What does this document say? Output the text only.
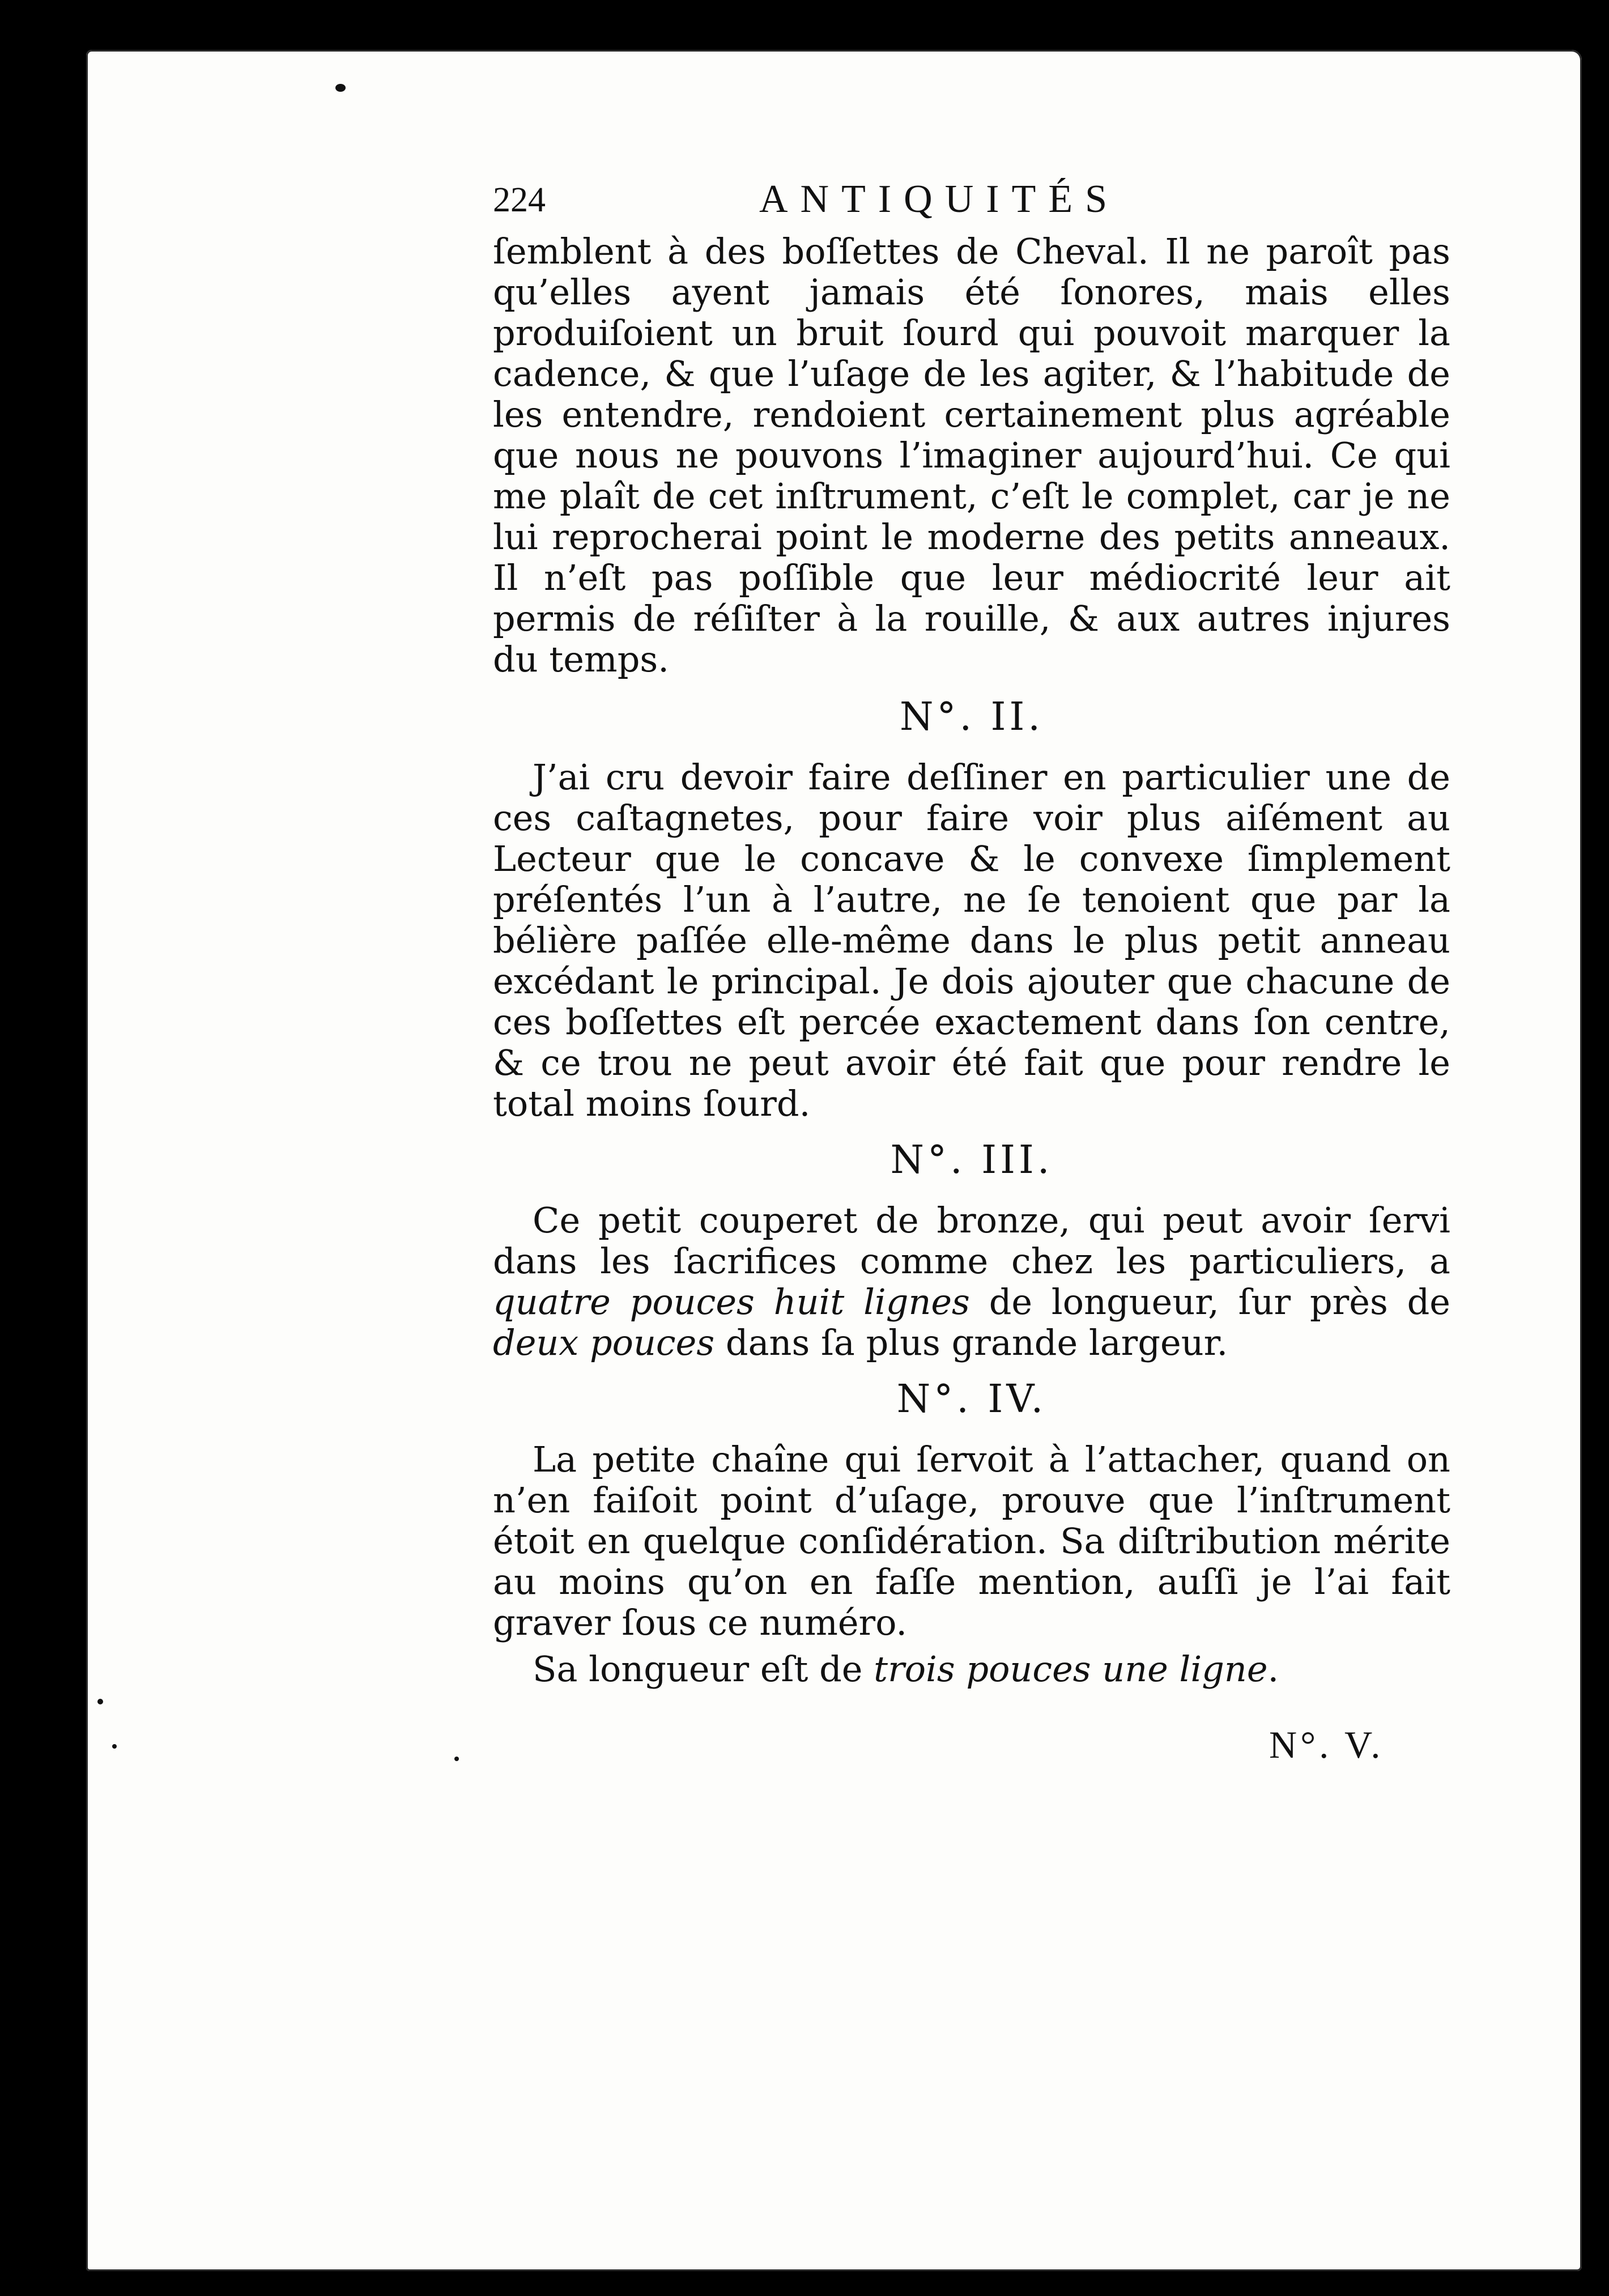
224	ANTIQUITÉS

ſemblent à des boſſettes de Cheval. Il ne paroît pas qu’elles ayent jamais été ſonores, mais elles produiſoient un bruit ſourd qui pouvoit marquer la cadence, & que l’uſage de les agiter, & l’habitude de les entendre, rendoient certainement plus agréable que nous ne pouvons l’imaginer aujourd’hui. Ce qui me plaît de cet inſtrument, c’eſt le complet, car je ne lui reprocherai point le moderne des petits anneaux. Il n’eſt pas poſſible que leur médiocrité leur ait permis de réſiſter à la rouille, & aux autres injures du temps.

N°. II.

J’ai cru devoir faire deſſiner en particulier une de ces caſtagnetes, pour faire voir plus aiſément au Lecteur que le concave & le convexe ſimplement préſentés l’un à l’autre, ne ſe tenoient que par la bélière paſſée elle-même dans le plus petit anneau excédant le principal. Je dois ajouter que chacune de ces boſſettes eſt percée exactement dans ſon centre, & ce trou ne peut avoir été fait que pour rendre le total moins ſourd.

N°. III.

Ce petit couperet de bronze, qui peut avoir ſervi dans les ſacrifices comme chez les particuliers, a quatre pouces huit lignes de longueur, ſur près de deux pouces dans ſa plus grande largeur.

N°. IV.

La petite chaîne qui ſervoit à l’attacher, quand on n’en faiſoit point d’uſage, prouve que l’inſtrument étoit en quelque conſidération. Sa diſtribution mérite au moins qu’on en faſſe mention, auſſi je l’ai fait graver ſous ce numéro.

Sa longueur eſt de trois pouces une ligne.

N°. V.
